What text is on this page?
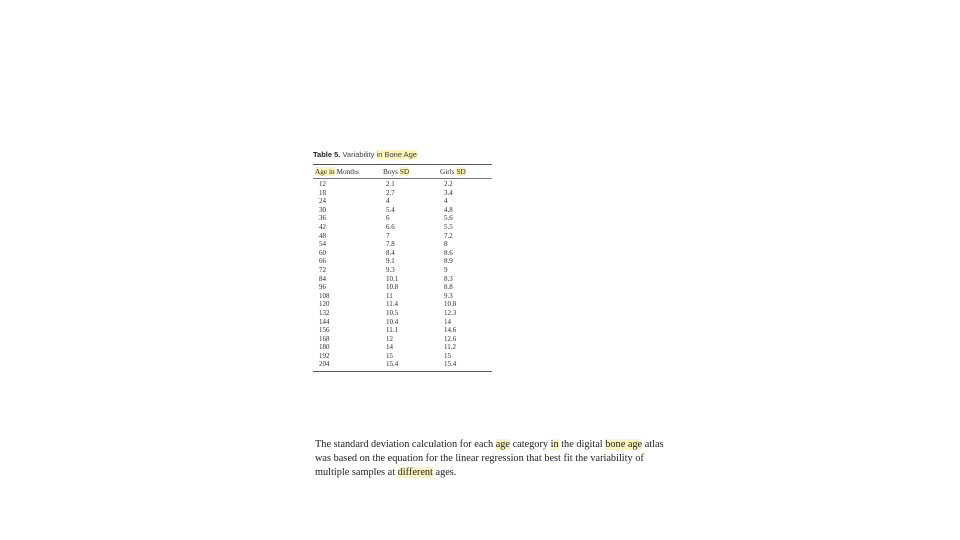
Table 5. Variability in Bone Age
Age in Months	Boys SD	Girls SD
12	2.1	2.2
18	2.7	3.4
24	4	4
30	5.4	4.8
36	6	5.6
42	6.6	5.5
48	7	7.2
54	7.8	8
60	8.4	8.6
66	9.1	8.9
72	9.3	9
84	10.1	8.3
96	10.8	8.8
108	11	9.3
120	11.4	10.8
132	10.5	12.3
144	10.4	14
156	11.1	14.6
168	12	12.6
180	14	11.2
192	15	15
204	15.4	15.4

The standard deviation calculation for each age category in the digital bone age atlas was based on the equation for the linear regression that best fit the variability of multiple samples at different ages.
